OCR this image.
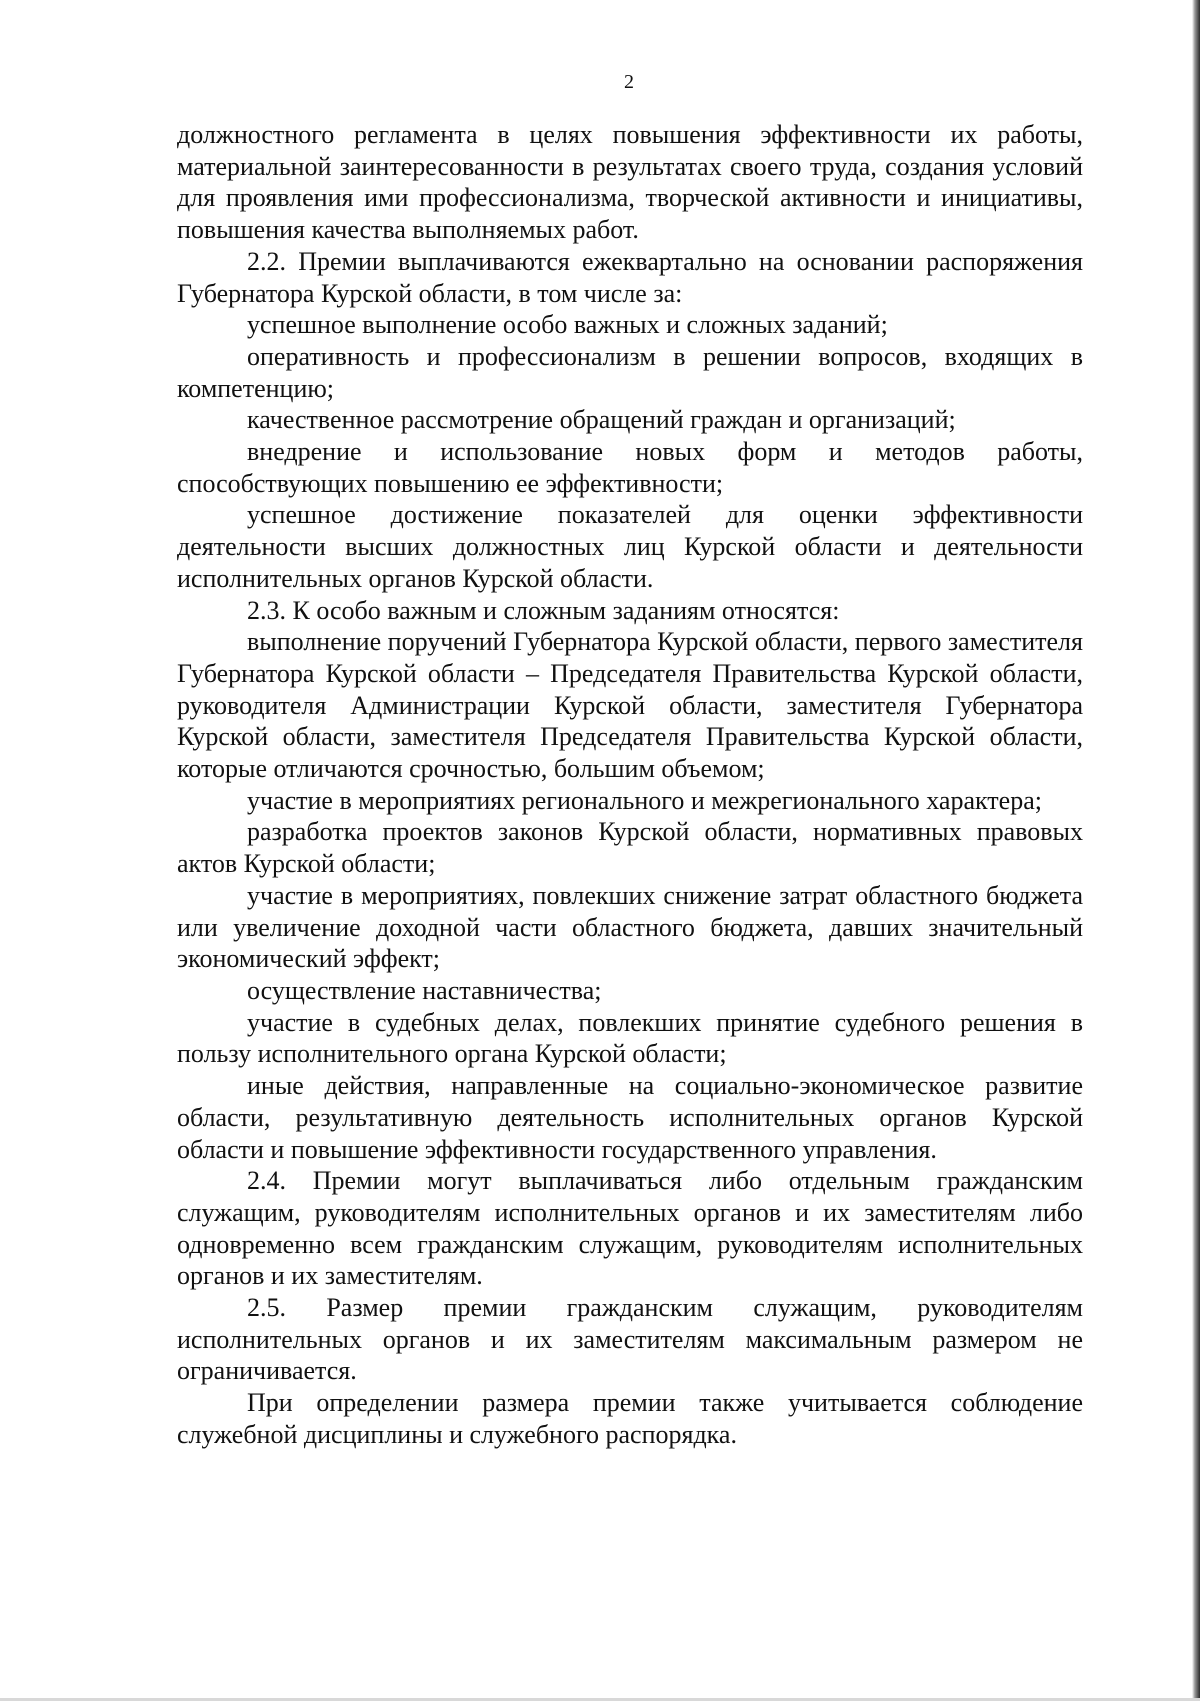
2

должностного регламента в целях повышения эффективности их работы, материальной заинтересованности в результатах своего труда, создания условий для проявления ими профессионализма, творческой активности и инициативы, повышения качества выполняемых работ.

2.2. Премии выплачиваются ежеквартально на основании распоряжения Губернатора Курской области, в том числе за:

успешное выполнение особо важных и сложных заданий;

оперативность и профессионализм в решении вопросов, входящих в компетенцию;

качественное рассмотрение обращений граждан и организаций;

внедрение и использование новых форм и методов работы, способствующих повышению ее эффективности;

успешное достижение показателей для оценки эффективности деятельности высших должностных лиц Курской области и деятельности исполнительных органов Курской области.

2.3. К особо важным и сложным заданиям относятся:

выполнение поручений Губернатора Курской области, первого заместителя Губернатора Курской области – Председателя Правительства Курской области, руководителя Администрации Курской области, заместителя Губернатора Курской области, заместителя Председателя Правительства Курской области, которые отличаются срочностью, большим объемом;

участие в мероприятиях регионального и межрегионального характера;

разработка проектов законов Курской области, нормативных правовых актов Курской области;

участие в мероприятиях, повлекших снижение затрат областного бюджета или увеличение доходной части областного бюджета, давших значительный экономический эффект;

осуществление наставничества;

участие в судебных делах, повлекших принятие судебного решения в пользу исполнительного органа Курской области;

иные действия, направленные на социально-экономическое развитие области, результативную деятельность исполнительных органов Курской области и повышение эффективности государственного управления.

2.4. Премии могут выплачиваться либо отдельным гражданским служащим, руководителям исполнительных органов и их заместителям либо одновременно всем гражданским служащим, руководителям исполнительных органов и их заместителям.

2.5. Размер премии гражданским служащим, руководителям исполнительных органов и их заместителям максимальным размером не ограничивается.

При определении размера премии также учитывается соблюдение служебной дисциплины и служебного распорядка.
